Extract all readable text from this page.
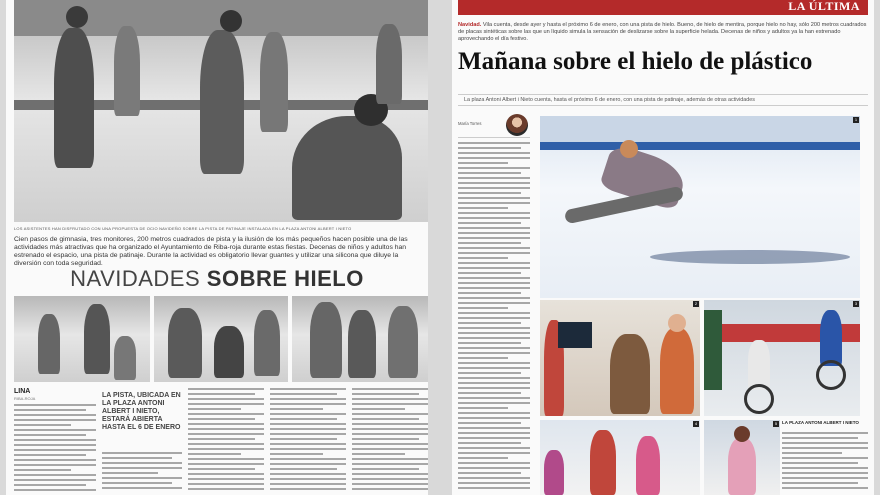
LOS ASISTENTES HAN DISFRUTADO CON UNA PROPUESTA DE OCIO NAVIDEÑO SOBRE LA PISTA DE PATINAJE INSTALADA EN LA PLAZA ANTONI ALBERT I NIETO
Cien pasos de gimnasia, tres monitores, 200 metros cuadrados de pista y la ilusión de los más pequeños hacen posible una de las actividades más atractivas que ha organizado el Ayuntamiento de Riba-roja durante estas fiestas. Decenas de niños y adultos han estrenado el espacio, una pista de patinaje. Durante la actividad es obligatorio llevar guantes y utilizar una silicona que diluye la diversión con toda seguridad.
NAVIDADES SOBRE HIELO
LINA
RIBA-ROJA	LA PISTA, UBICADA EN LA PLAZA ANTONI ALBERT I NIETO, ESTARÁ ABIERTA HASTA EL 6 DE ENERO
LA ÚLTIMA
Navidad. Vila cuenta, desde ayer y hasta el próximo 6 de enero, con una pista de hielo. Bueno, de hielo de mentira, porque hielo no hay, sólo 200 metros cuadrados de placas sintéticas sobre las que un líquido simula la sensación de deslizarse sobre la superficie helada. Decenas de niños y adultos ya la han estrenado aprovechando el día festivo.
Mañana sobre el hielo de plástico
La plaza Antoni Albert i Nieto cuenta, hasta el próximo 6 de enero, con una pista de patinaje, además de otras actividades
María Torres
1
2	3
4	5	LA PLAZA ANTONI ALBERT I NIETO
